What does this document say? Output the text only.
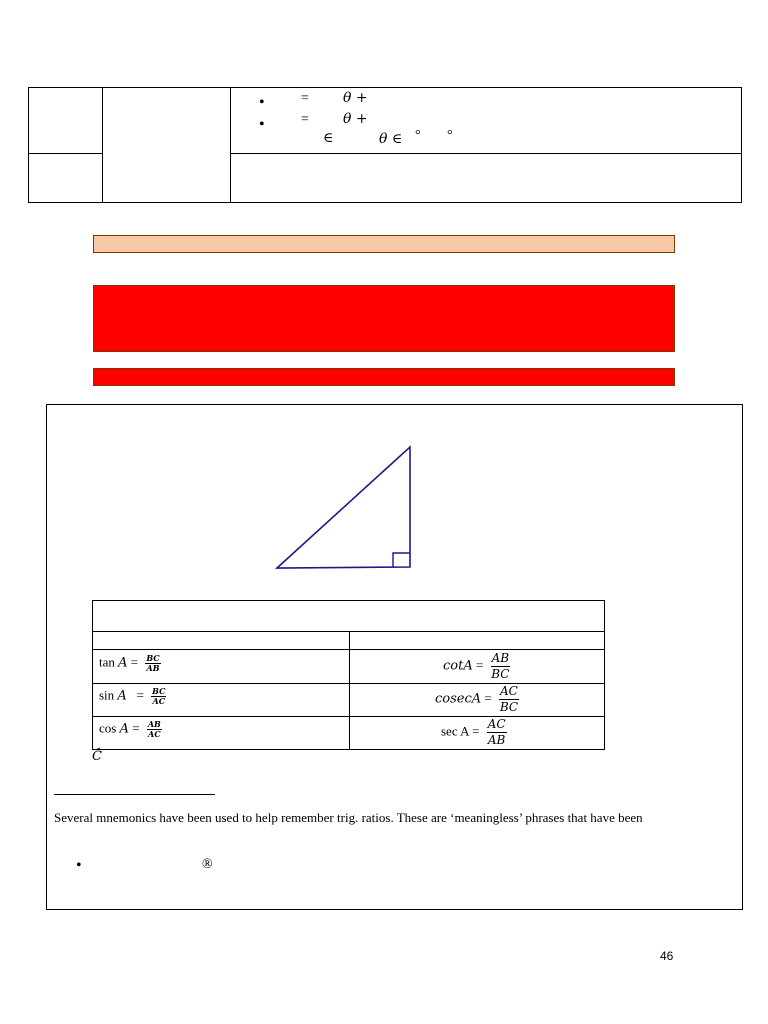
•	= θ +
•	= θ +
∈	θ ∈ ° °
$\tan A = \frac{BC}{AB}$	$\cot A = \frac{AB}{BC}$
$\sin A = \frac{BC}{AC}$	$cosecA = \frac{AC}{BC}$
$\cos A = \frac{AB}{AC}$	$\sec A = \frac{AC}{AB}$
Ĉ
Several mnemonics have been used to help remember trig. ratios. These are ‘meaningless’ phrases that have been
•	®
46
